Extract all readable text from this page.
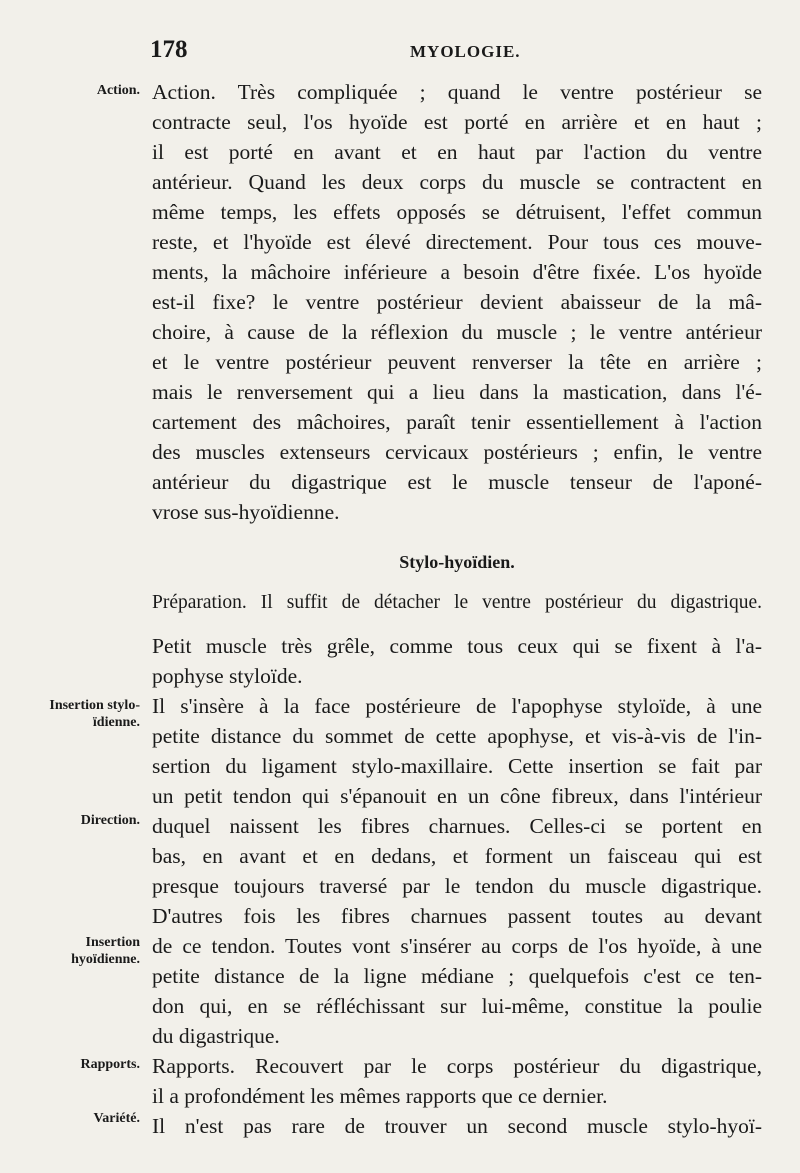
178	MYOLOGIE.
Action.
Insertion stylo-
ïdienne.
Direction.
Insertion
hyoïdienne.
Rapports.
Variété.
Action. Très compliquée ; quand le ventre postérieur se
contracte seul, l'os hyoïde est porté en arrière et en haut ;
il est porté en avant et en haut par l'action du ventre
antérieur. Quand les deux corps du muscle se contractent en
même temps, les effets opposés se détruisent, l'effet commun
reste, et l'hyoïde est élevé directement. Pour tous ces mouve-
ments, la mâchoire inférieure a besoin d'être fixée. L'os hyoïde
est-il fixe? le ventre postérieur devient abaisseur de la mâ-
choire, à cause de la réflexion du muscle ; le ventre antérieur
et le ventre postérieur peuvent renverser la tête en arrière ;
mais le renversement qui a lieu dans la mastication, dans l'é-
cartement des mâchoires, paraît tenir essentiellement à l'action
des muscles extenseurs cervicaux postérieurs ; enfin, le ventre
antérieur du digastrique est le muscle tenseur de l'aponé-
vrose sus-hyoïdienne.
Stylo-hyoïdien.
Préparation. Il suffit de détacher le ventre postérieur du digastrique.
Petit muscle très grêle, comme tous ceux qui se fixent à l'a-
pophyse styloïde.
Il s'insère à la face postérieure de l'apophyse styloïde, à une
petite distance du sommet de cette apophyse, et vis-à-vis de l'in-
sertion du ligament stylo-maxillaire. Cette insertion se fait par
un petit tendon qui s'épanouit en un cône fibreux, dans l'intérieur
duquel naissent les fibres charnues. Celles-ci se portent en
bas, en avant et en dedans, et forment un faisceau qui est
presque toujours traversé par le tendon du muscle digastrique.
D'autres fois les fibres charnues passent toutes au devant
de ce tendon. Toutes vont s'insérer au corps de l'os hyoïde, à une
petite distance de la ligne médiane ; quelquefois c'est ce ten-
don qui, en se réfléchissant sur lui-même, constitue la poulie
du digastrique.
Rapports. Recouvert par le corps postérieur du digastrique,
il a profondément les mêmes rapports que ce dernier.
Il n'est pas rare de trouver un second muscle stylo-hyoï-
